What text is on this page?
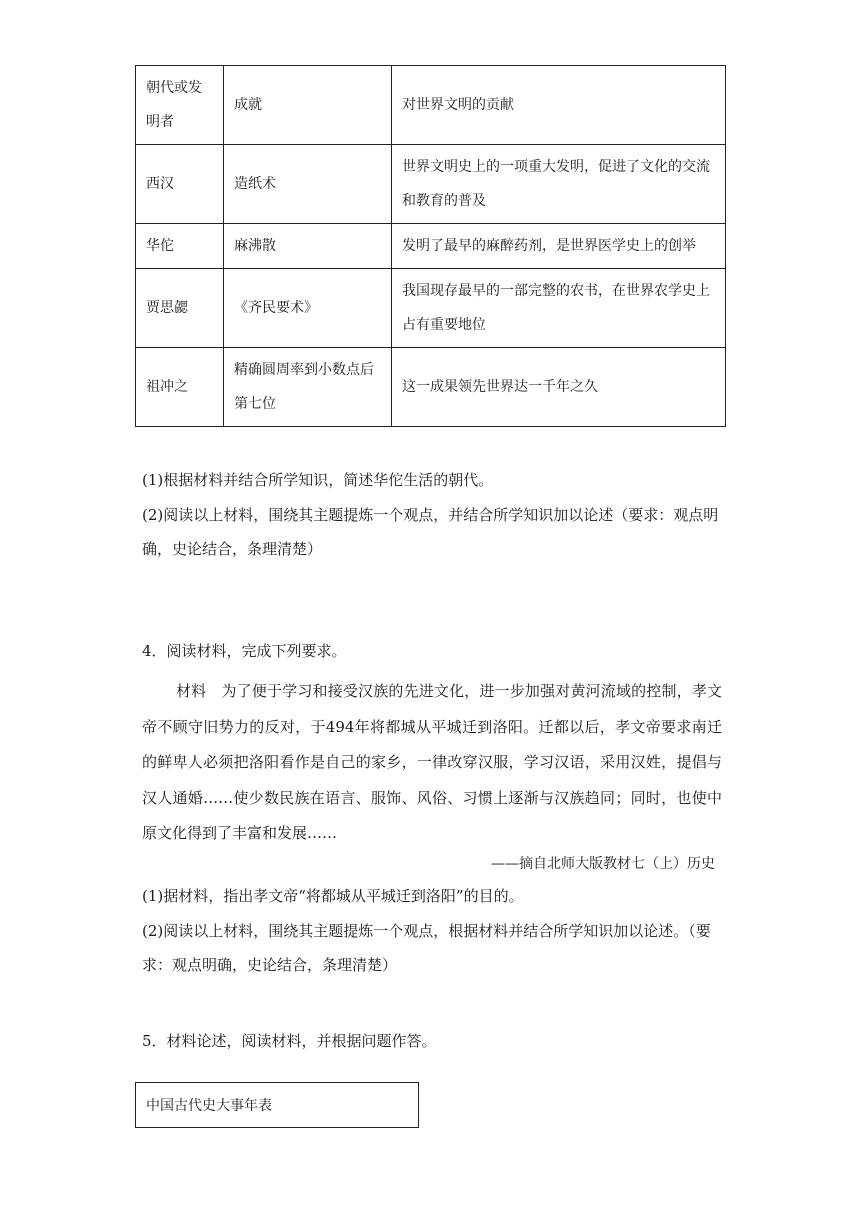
朝代或发明者	成就	对世界文明的贡献
西汉	造纸术	世界文明史上的一项重大发明，促进了文化的交流和教育的普及
华佗	麻沸散	发明了最早的麻醉药剂，是世界医学史上的创举
贾思勰	《齐民要术》	我国现存最早的一部完整的农书，在世界农学史上占有重要地位
祖冲之	精确圆周率到小数点后第七位	这一成果领先世界达一千年之久
(1)根据材料并结合所学知识，简述华佗生活的朝代。
(2)阅读以上材料，围绕其主题提炼一个观点，并结合所学知识加以论述（要求：观点明确，史论结合，条理清楚）
4．阅读材料，完成下列要求。
材料　为了便于学习和接受汉族的先进文化，进一步加强对黄河流域的控制，孝文帝不顾守旧势力的反对，于494年将都城从平城迁到洛阳。迁都以后，孝文帝要求南迁的鲜卑人必须把洛阳看作是自己的家乡，一律改穿汉服，学习汉语，采用汉姓，提倡与汉人通婚……使少数民族在语言、服饰、风俗、习惯上逐渐与汉族趋同；同时，也使中原文化得到了丰富和发展……
——摘自北师大版教材七（上）历史
(1)据材料，指出孝文帝“将都城从平城迁到洛阳”的目的。
(2)阅读以上材料，围绕其主题提炼一个观点，根据材料并结合所学知识加以论述。（要求：观点明确，史论结合，条理清楚）
5．材料论述，阅读材料，并根据问题作答。
中国古代史大事年表
